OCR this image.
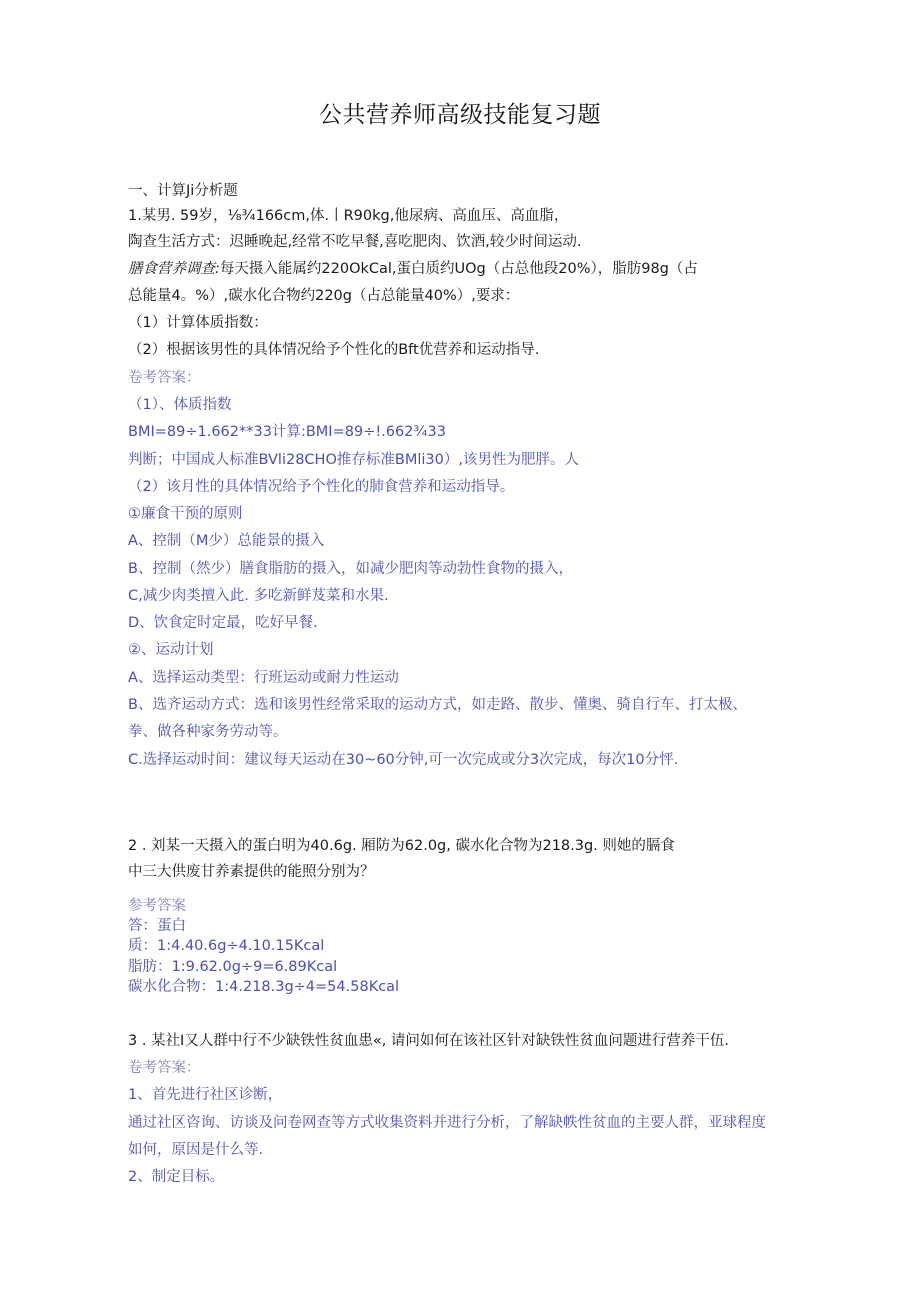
公共营养师高级技能复习题
一、计算Ji分析题
1.某男. 59岁，⅛¾166cm,体.丨R90kg,他尿病、高血压、高血脂，
陶查生活方式：迟睡晚起,经常不吃早餐,喜吃肥肉、饮酒,较少时间运动.
膳食营养调查:每天摄入能属约220OkCal,蛋白质约UOg（占总他段20%），脂肪98g（占
总能量4。%）,碳水化合物约220g（占总能量40%）,要求：
（1）计算体质指数：
（2）根据该男性的具体情况给予个性化的Bft优营养和运动指导.
卷考答案：
（1）、体质指数
BMI=89÷1.662**33计算:BMI=89÷!.662¾33
判断；中国成人标准BVli28CHO推存标准BMli30）,该男性为肥胖。人
（2）该月性的具体情况给予个性化的肺食营养和运动指导。
①廉食干预的原则
A、控制（M少）总能景的摄入
B、控制（然少）膳食脂肪的摄入，如减少肥肉等动勃性食物的摄入，
C,减少肉类擅入此. 多吃新鲜芨菜和水果.
D、饮食定时定最，吃好早餐.
②、运动计划
A、选择运动类型：行班运动或耐力性运动
B、选齐运动方式：选和该男性经常采取的运动方式，如走路、散步、懂奥、骑自行车、打太极、
拳、做各种家务劳动等。
C.选择运动时间：建议每天运动在30~60分钟,可一次完成或分3次完成，每次10分怦.
2 . 刘某一天摄入的蛋白明为40.6g. 厢防为62.0g, 碳水化合物为218.3g. 则她的膈食
中三大供废甘养素提供的能照分别为？
参考答案
答：蛋白
质：1:4.40.6g÷4.10.15Kcal
脂肪：1:9.62.0g÷9=6.89Kcal
碳水化合物：1:4.218.3g÷4=54.58Kcal
3 . 某社I又人群中行不少缺铁性贫血患«, 请问如何在该社区针对缺铁性贫血问题进行营养干伍.
卷考答案：
1、首先进行社区诊断，
通过社区咨询、访谈及问卷网查等方式收集资料并进行分析，了解缺帙性贫血的主要人群，亚球程度
如何，原因是什么等.
2、制定目标。
